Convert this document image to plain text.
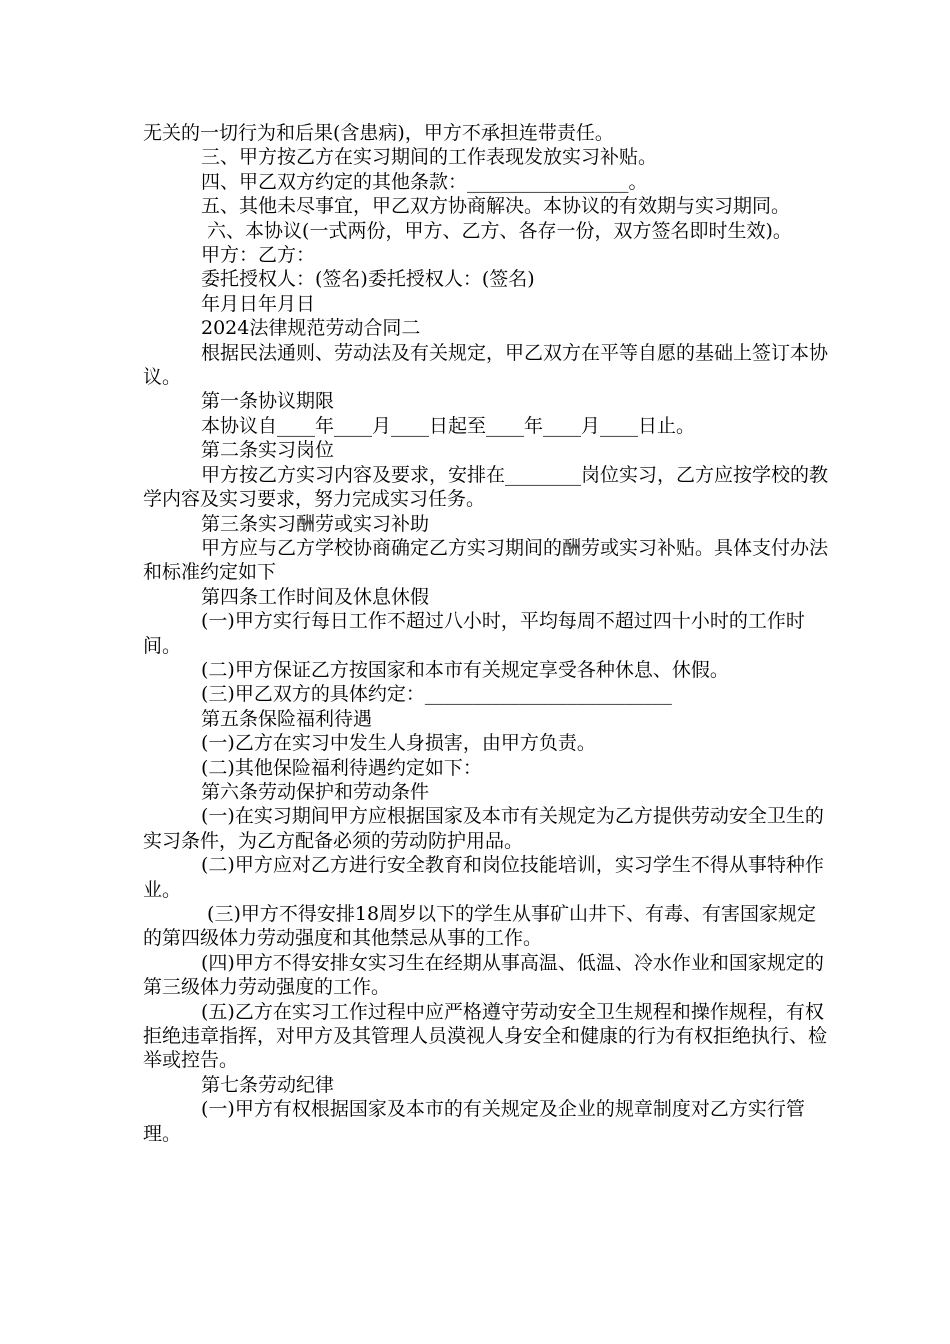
无关的一切行为和后果(含患病)，甲方不承担连带责任。

三、甲方按乙方在实习期间的工作表现发放实习补贴。

四、甲乙双方约定的其他条款：_________________。

五、其他未尽事宜，甲乙双方协商解决。本协议的有效期与实习期同。

六、本协议(一式两份，甲方、乙方、各存一份，双方签名即时生效)。

甲方：乙方：

委托授权人：(签名)委托授权人：(签名)

年月日年月日

2024法律规范劳动合同二

根据民法通则、劳动法及有关规定，甲乙双方在平等自愿的基础上签订本协议。

第一条协议期限

本协议自____年____月____日起至____年____月____日止。

第二条实习岗位

甲方按乙方实习内容及要求，安排在________岗位实习，乙方应按学校的教学内容及实习要求，努力完成实习任务。

第三条实习酬劳或实习补助

甲方应与乙方学校协商确定乙方实习期间的酬劳或实习补贴。具体支付办法和标准约定如下

第四条工作时间及休息休假

(一)甲方实行每日工作不超过八小时，平均每周不超过四十小时的工作时间。

(二)甲方保证乙方按国家和本市有关规定享受各种休息、休假。

(三)甲乙双方的具体约定：__________________________

第五条保险福利待遇

(一)乙方在实习中发生人身损害，由甲方负责。

(二)其他保险福利待遇约定如下：

第六条劳动保护和劳动条件

(一)在实习期间甲方应根据国家及本市有关规定为乙方提供劳动安全卫生的实习条件，为乙方配备必须的劳动防护用品。

(二)甲方应对乙方进行安全教育和岗位技能培训，实习学生不得从事特种作业。

(三)甲方不得安排18周岁以下的学生从事矿山井下、有毒、有害国家规定的第四级体力劳动强度和其他禁忌从事的工作。

(四)甲方不得安排女实习生在经期从事高温、低温、冷水作业和国家规定的第三级体力劳动强度的工作。

(五)乙方在实习工作过程中应严格遵守劳动安全卫生规程和操作规程，有权拒绝违章指挥，对甲方及其管理人员漠视人身安全和健康的行为有权拒绝执行、检举或控告。

第七条劳动纪律

(一)甲方有权根据国家及本市的有关规定及企业的规章制度对乙方实行管理。
